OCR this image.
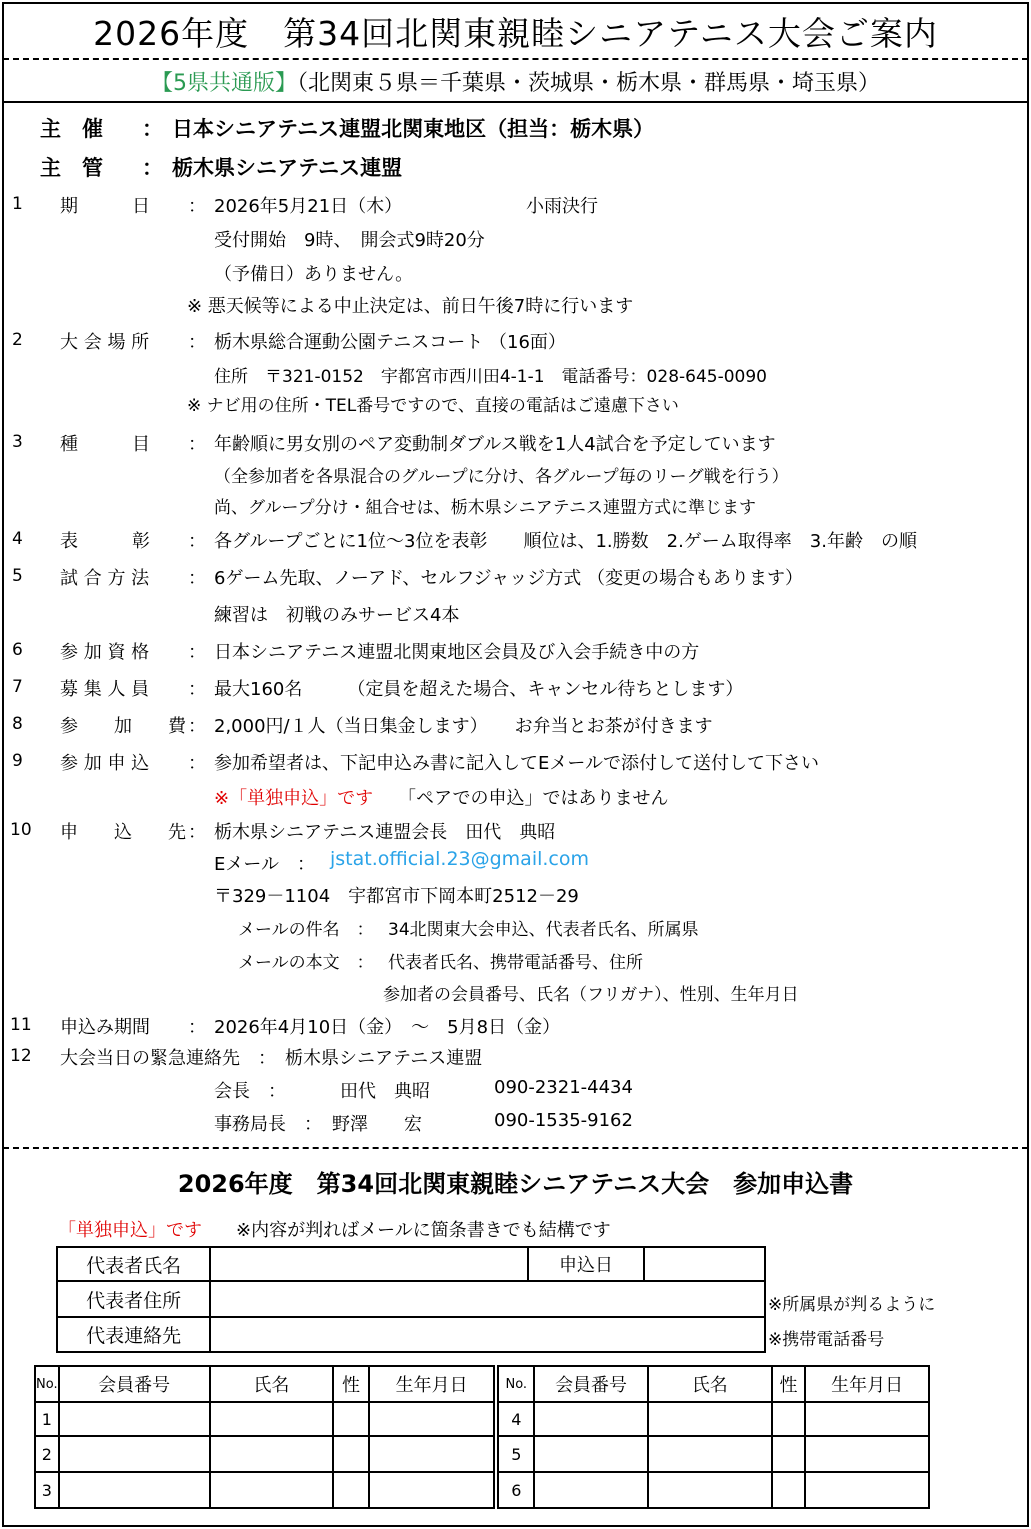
2026年度　第34回北関東親睦シニアテニス大会ご案内
【5県共通版】（北関東５県＝千葉県・茨城県・栃木県・群馬県・埼玉県）
主　催 ： 日本シニアテニス連盟北関東地区（担当：栃木県）
主　管 ： 栃木県シニアテニス連盟
1 期　　　日 ： 2026年5月21日（木）	小雨決行
受付開始　9時、　開会式9時20分
（予備日）ありません。
※ 悪天候等による中止決定は、前日午後7時に行います
2 大 会 場 所 ： 栃木県総合運動公園テニスコート （16面）
住所　〒321-0152　宇都宮市西川田4-1-1　電話番号：028-645-0090
※ ナビ用の住所・TEL番号ですので、直接の電話はご遠慮下さい
3 種　　　目 ： 年齢順に男女別のペア変動制ダブルス戦を1人4試合を予定しています
（全参加者を各県混合のグループに分け、各グループ毎のリーグ戦を行う）
尚、グループ分け・組合せは、栃木県シニアテニス連盟方式に準じます
4 表　　　彰 ： 各グループごとに1位～3位を表彰　　順位は、1.勝数　2.ゲーム取得率　3.年齢　の順
5 試 合 方 法 ： 6ゲーム先取、ノーアド、セルフジャッジ方式 （変更の場合もあります）
練習は　初戦のみサービス4本
6 参 加 資 格 ： 日本シニアテニス連盟北関東地区会員及び入会手続き中の方
7 募 集 人 員 ： 最大160名　　　（定員を超えた場合、キャンセル待ちとします）
8 参　　加　　費 ： 2,000円/１人（当日集金します）　　お弁当とお茶が付きます
9 参 加 申 込 ： 参加希望者は、下記申込み書に記入してEメールで添付して送付して下さい
※「単独申込」です 「ペアでの申込」ではありません
10 申　　込　　先 ： 栃木県シニアテニス連盟会長　田代　典昭
Eメール　： jstat.official.23@gmail.com
〒329－1104　宇都宮市下岡本町2512－29
メールの件名　： 34北関東大会申込、代表者氏名、所属県
メールの本文　： 代表者氏名、携帯電話番号、住所
参加者の会員番号、氏名（フリガナ）、性別、生年月日
11 申込み期間 ： 2026年4月10日（金）　～　5月8日（金）
12 大会当日の緊急連絡先　：　栃木県シニアテニス連盟
会長　：	田代　典昭	090-2321-4434
事務局長　： 野澤　　宏	090-1535-9162
2026年度　第34回北関東親睦シニアテニス大会　参加申込書
「単独申込」です ※内容が判ればメールに箇条書きでも結構です
代表者氏名		申込日	
代表者住所			
代表連絡先			
※所属県が判るように
※携帯電話番号
No.	会員番号	氏名	性	生年月日		No.	会員番号	氏名	性	生年月日
1						4				
2						5				
3						6				
